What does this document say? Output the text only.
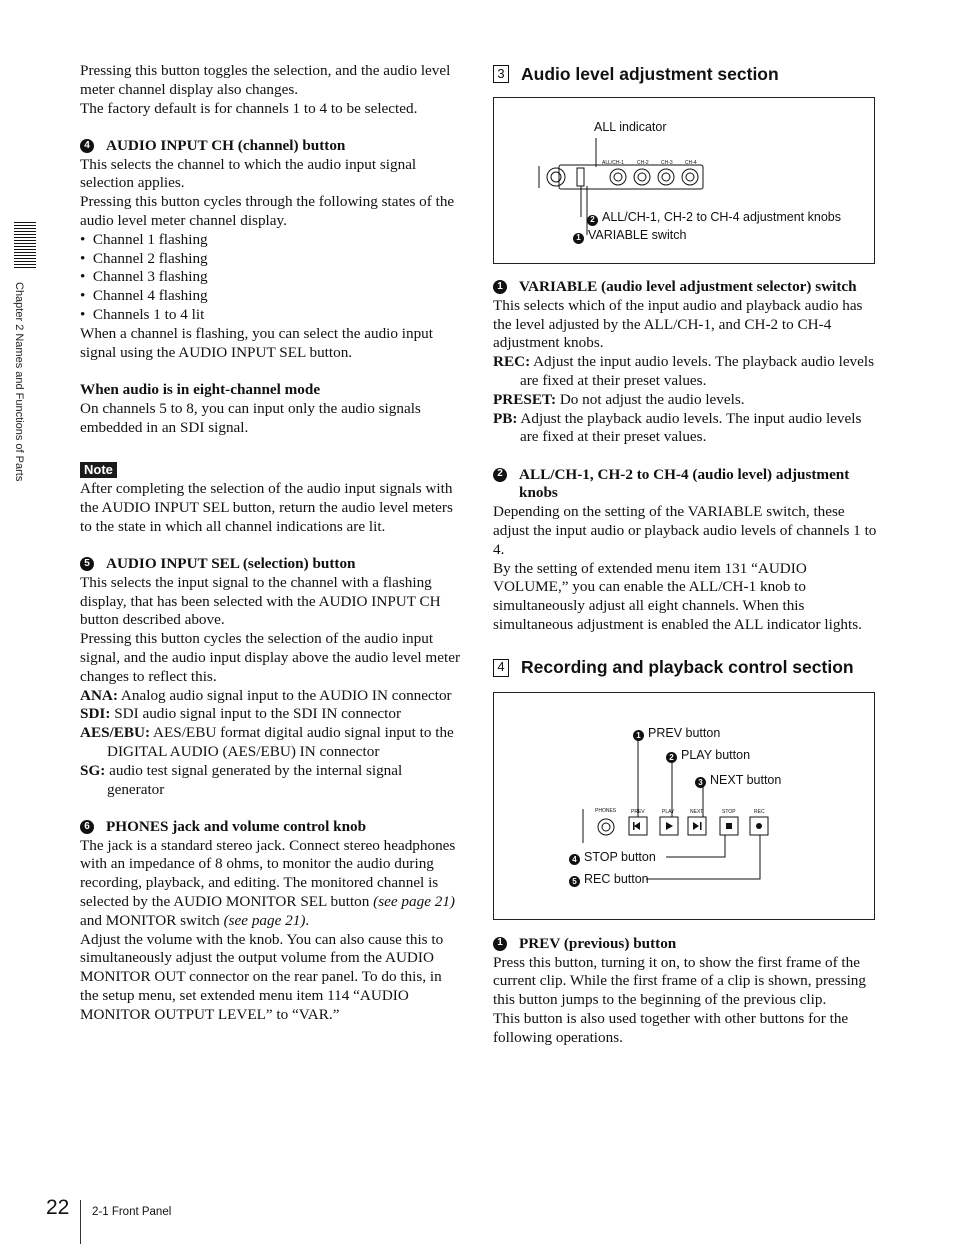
Chapter 2 Names and Functions of Parts

Pressing this button toggles the selection, and the audio level meter channel display also changes.

The factory default is for channels 1 to 4 to be selected.

4 AUDIO INPUT CH (channel) button

This selects the channel to which the audio input signal selection applies.

Pressing this button cycles through the following states of the audio level meter channel display.

•  Channel 1 flashing

•  Channel 2 flashing

•  Channel 3 flashing

•  Channel 4 flashing

•  Channels 1 to 4 lit

When a channel is flashing, you can select the audio input signal using the AUDIO INPUT SEL button.

When audio is in eight-channel mode

On channels 5 to 8, you can input only the audio signals embedded in an SDI signal.

Note

After completing the selection of the audio input signals with the AUDIO INPUT SEL button, return the audio level meters to the state in which all channel indications are lit.

5 AUDIO INPUT SEL (selection) button

This selects the input signal to the channel with a flashing display, that has been selected with the AUDIO INPUT CH button described above.

Pressing this button cycles the selection of the audio input signal, and the audio input display above the audio level meter changes to reflect this.

ANA: Analog audio signal input to the AUDIO IN connector

SDI: SDI audio signal input to the SDI IN connector

AES/EBU: AES/EBU format digital audio signal input to the DIGITAL AUDIO (AES/EBU) IN connector

SG: audio test signal generated by the internal signal generator

6 PHONES jack and volume control knob

The jack is a standard stereo jack. Connect stereo headphones with an impedance of 8 ohms, to monitor the audio during recording, playback, and editing. The monitored channel is selected by the AUDIO MONITOR SEL button (see page 21) and MONITOR switch (see page 21).

Adjust the volume with the knob. You can also cause this to simultaneously adjust the output volume from the AUDIO MONITOR OUT connector on the rear panel. To do this, in the setup menu, set extended menu item 114 “AUDIO MONITOR OUTPUT LEVEL” to “VAR.”

3 Audio level adjustment section
ALL/CH-1	CH-2 CH-3 CH-4
ALL indicator
2 ALL/CH-1, CH-2 to CH-4 adjustment knobs
1 VARIABLE switch
1 VARIABLE (audio level adjustment selector) switch

This selects which of the input audio and playback audio has the level adjusted by the ALL/CH-1, and CH-2 to CH-4 adjustment knobs.

REC: Adjust the input audio levels. The playback audio levels are fixed at their preset values.

PRESET: Do not adjust the audio levels.

PB: Adjust the playback audio levels. The input audio levels are fixed at their preset values.

2 ALL/CH-1, CH-2 to CH-4 (audio level) adjustment knobs

Depending on the setting of the VARIABLE switch, these adjust the input audio or playback audio levels of channels 1 to 4.

By the setting of extended menu item 131 “AUDIO VOLUME,” you can enable the ALL/CH-1 knob to simultaneously adjust all eight channels. When this simultaneous adjustment is enabled the ALL indicator lights.

4 Recording and playback control section
PHONES	PREV	PLAY	NEXT	STOP	REC
1 PREV button
2 PLAY button
3 NEXT button
4 STOP button
5 REC button
1 PREV (previous) button

Press this button, turning it on, to show the first frame of the current clip. While the first frame of a clip is shown, pressing this button jumps to the beginning of the previous clip.

This button is also used together with other buttons for the following operations.

22 2-1 Front Panel
